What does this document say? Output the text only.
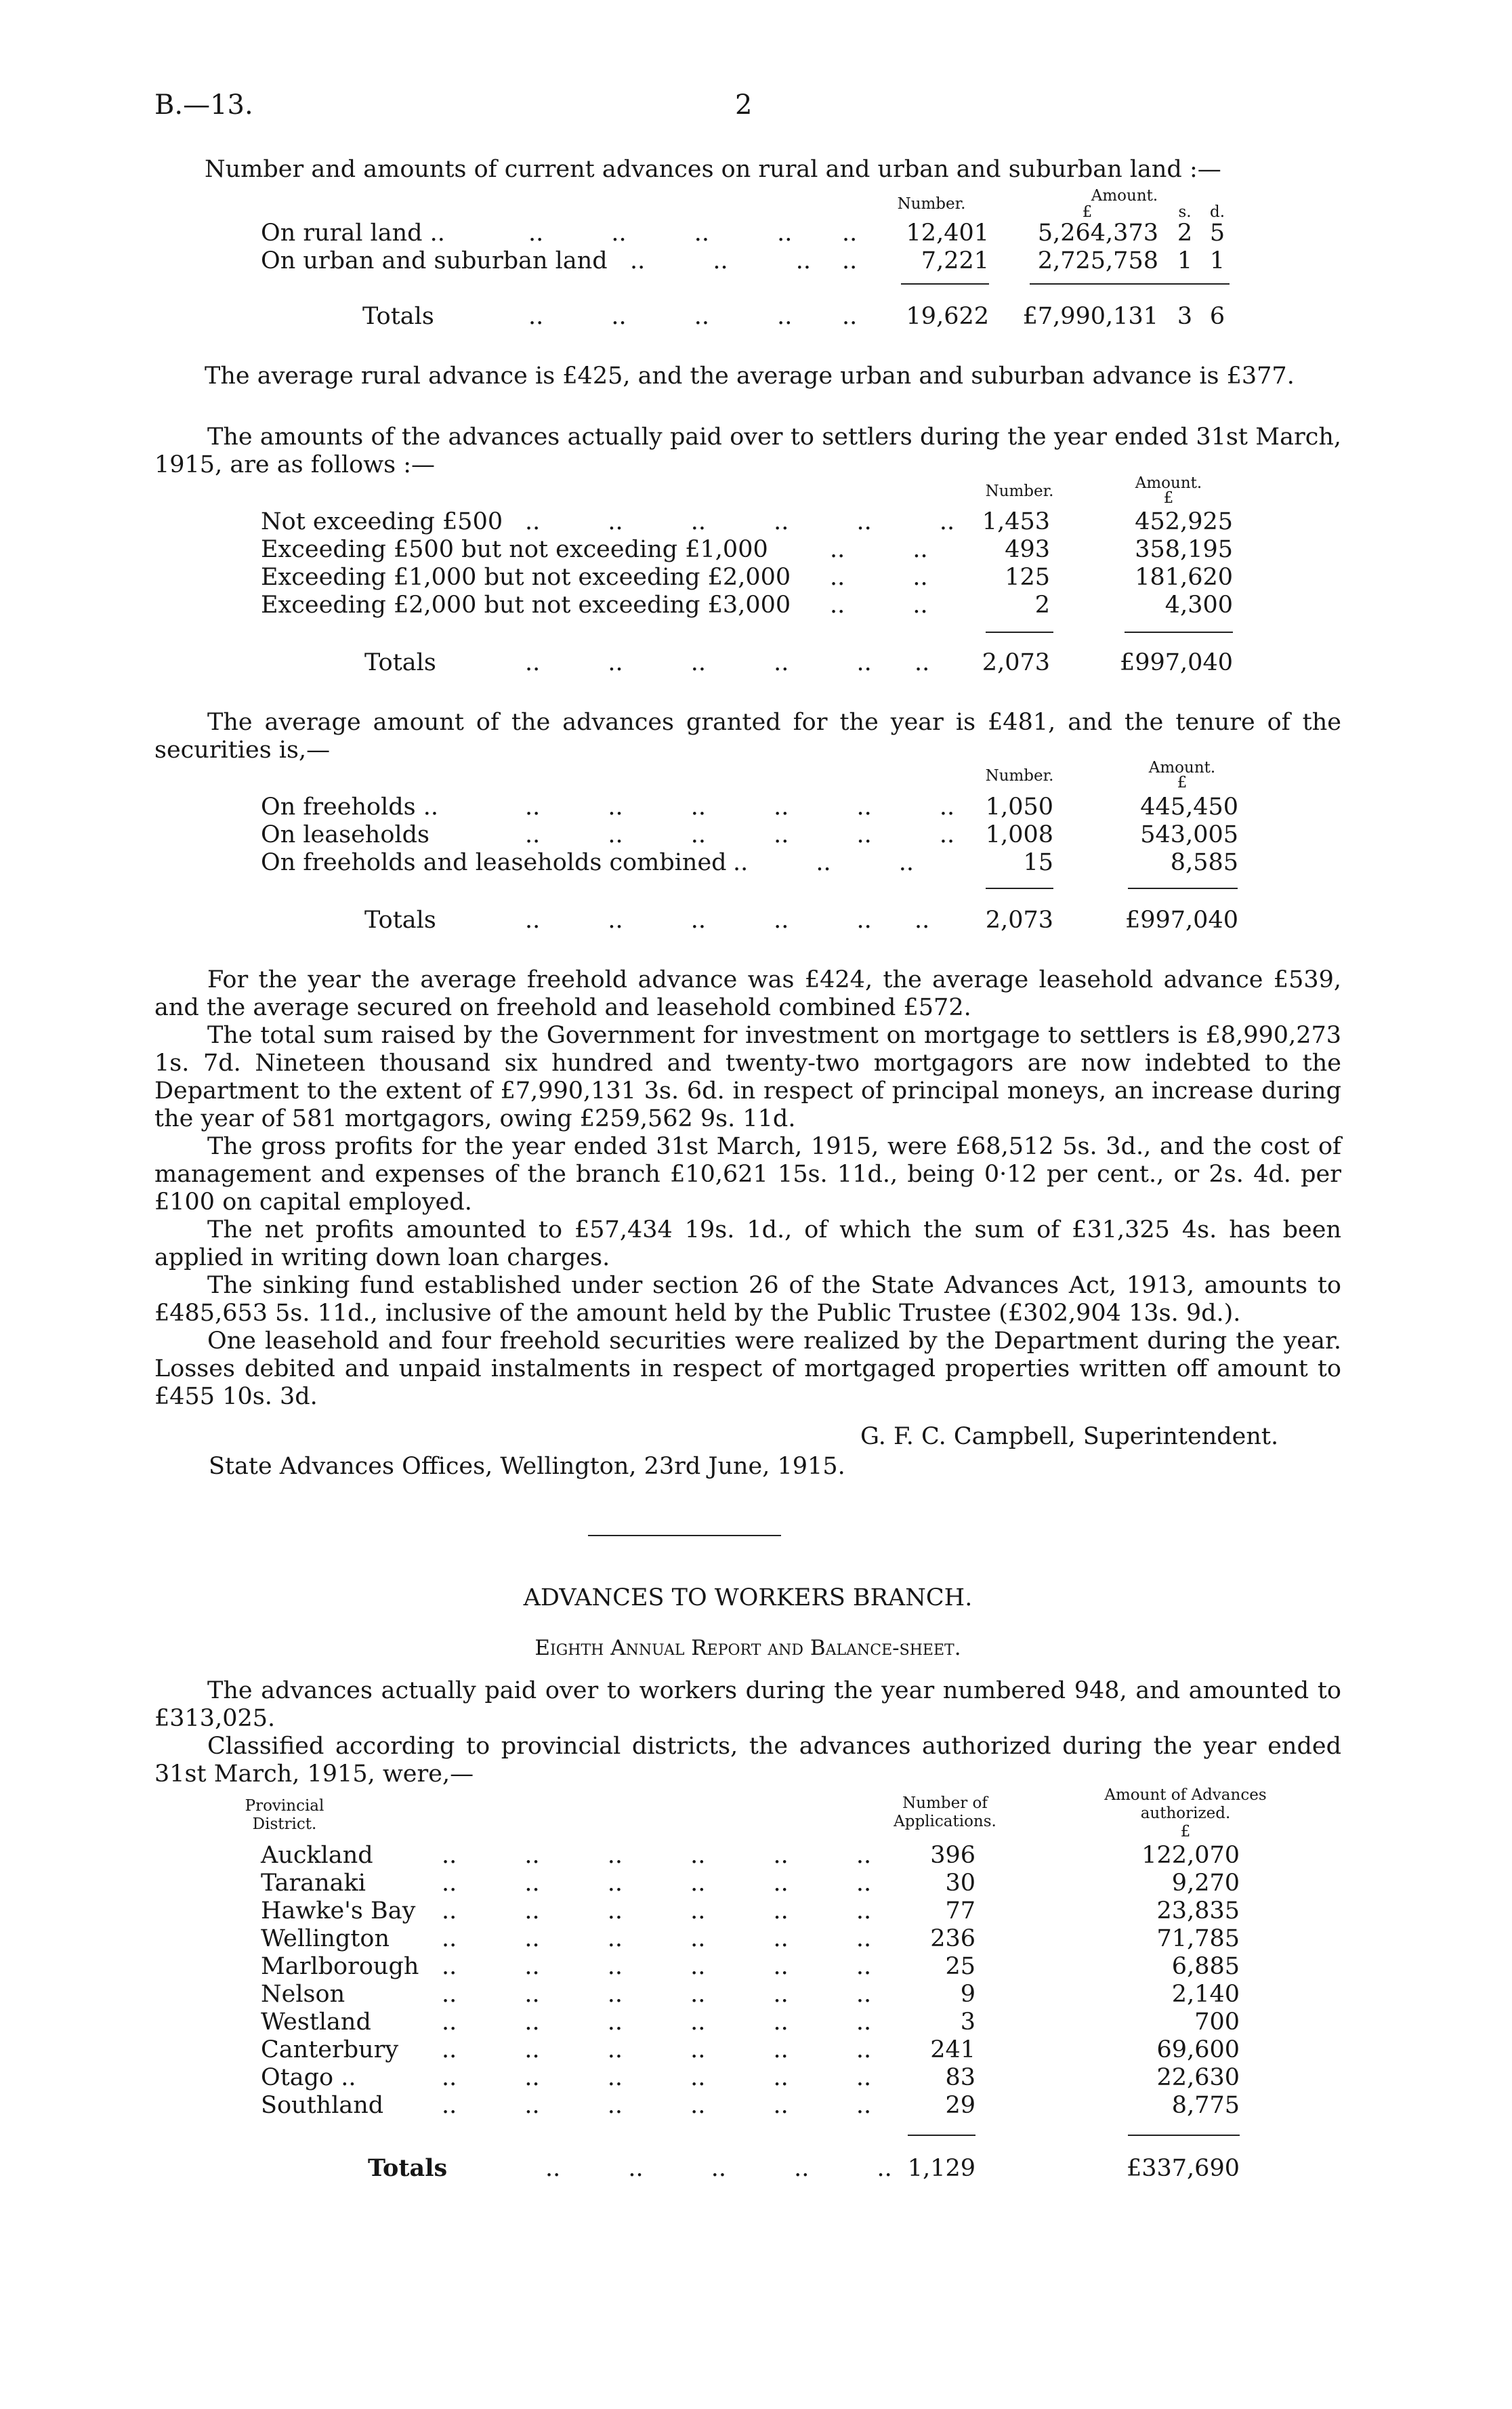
B.—13.	2
Number and amounts of current advances on rural and urban and suburban land :—
Number.	Amount.
£	s. d.
On rural land ..	..         ..         ..         .. ..	12,401	5,264,373 2 5
On urban and suburban land ..         ..         .. ..	7,221	2,725,758 1 1
Totals	..         ..         ..         .. ..	19,622 £7,990,131 3 6
The average rural advance is £425, and the average urban and suburban advance is £377.
The amounts of the advances actually paid over to settlers during the year ended 31st March, 1915, are as follows :—
Number.	Amount.
£
Not exceeding £500 ..         ..         ..         ..         ..         ..	1,453	452,925
Exceeding £500 but not exceeding £1,000	..         ..	493	358,195
Exceeding £1,000 but not exceeding £2,000 ..         ..	125	181,620
Exceeding £2,000 but not exceeding £3,000 ..         ..	2	4,300
Totals	..         ..         ..         ..         .. ..	2,073	£997,040
The average amount of the advances granted for the year is £481, and the tenure of the securities is,—
Number.	Amount.
£
On freeholds ..	..         ..         ..         ..         ..         ..	1,050	445,450
On leaseholds	..         ..         ..         ..         ..         ..	1,008	543,005
On freeholds and leaseholds combined ..         ..         ..	15	8,585
Totals	..         ..         ..         ..         .. ..	2,073	£997,040
For the year the average freehold advance was £424, the average leasehold advance £539, and the average secured on freehold and leasehold combined £572.
The total sum raised by the Government for investment on mortgage to settlers is £8,990,273 1s. 7d. Nineteen thousand six hundred and twenty-two mortgagors are now indebted to the Department to the extent of £7,990,131 3s. 6d. in respect of principal moneys, an increase during the year of 581 mortgagors, owing £259,562 9s. 11d.
The gross profits for the year ended 31st March, 1915, were £68,512 5s. 3d., and the cost of management and expenses of the branch £10,621 15s. 11d., being 0·12 per cent., or 2s. 4d. per £100 on capital employed.
The net profits amounted to £57,434 19s. 1d., of which the sum of £31,325 4s. has been applied in writing down loan charges.
The sinking fund established under section 26 of the State Advances Act, 1913, amounts to £485,653 5s. 11d., inclusive of the amount held by the Public Trustee (£302,904 13s. 9d.).
One leasehold and four freehold securities were realized by the Department during the year. Losses debited and unpaid instalments in respect of mortgaged properties written off amount to £455 10s. 3d.
G. F. C. Campbell, Superintendent.
State Advances Offices, Wellington, 23rd June, 1915.
ADVANCES TO WORKERS BRANCH.
Eighth Annual Report and Balance-sheet.
The advances actually paid over to workers during the year numbered 948, and amounted to £313,025.
Classified according to provincial districts, the advances authorized during the year ended 31st March, 1915, were,—
Provincial
District.
Number of
Applications.
Amount of Advances
authorized.
£
Auckland	..         ..         ..         ..         ..         ..	396	122,070
Taranaki	..         ..         ..         ..         ..         ..	30	9,270
Hawke's Bay ..         ..         ..         ..         ..         ..	77	23,835
Wellington ..         ..         ..         ..         ..         ..	236	71,785
Marlborough ..         ..         ..         ..         ..         ..	25	6,885
Nelson	..         ..         ..         ..         ..         ..	9	2,140
Westland	..         ..         ..         ..         ..         ..	3	700
Canterbury ..         ..         ..         ..         ..         ..	241	69,600
Otago ..	..         ..         ..         ..         ..         ..	83	22,630
Southland ..         ..         ..         ..         ..         ..	29	8,775
Totals	..         ..         ..         ..         .. 1,129	£337,690
